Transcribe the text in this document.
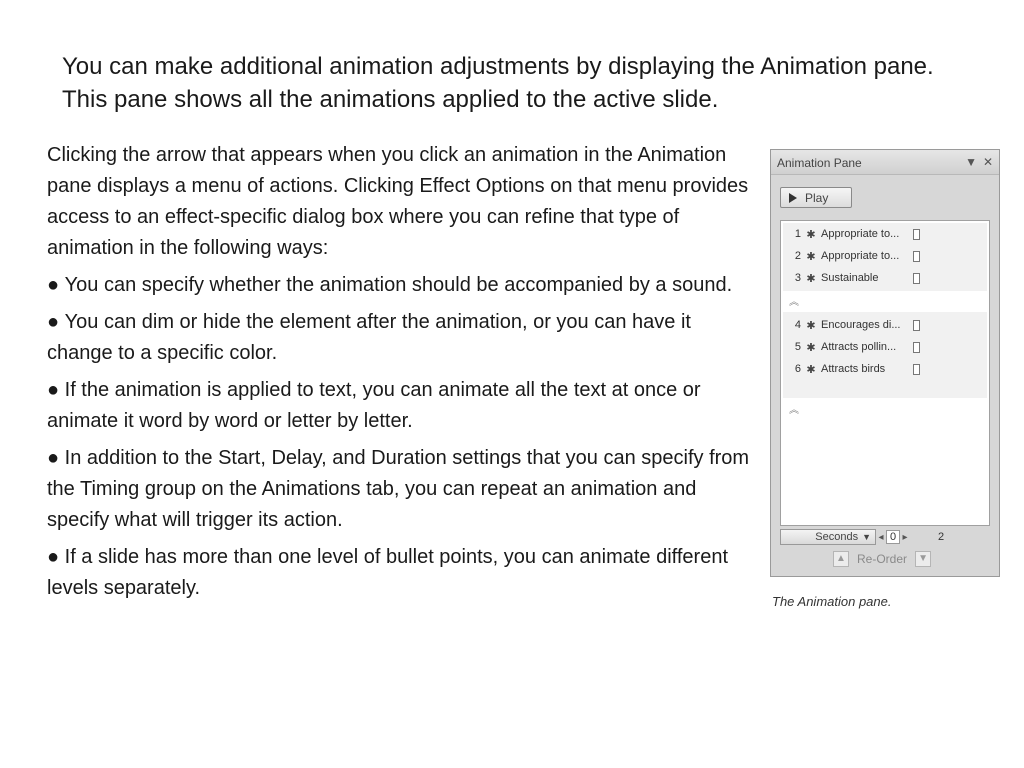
You can make additional animation adjustments by displaying the Animation pane. This pane shows all the animations applied to the active slide.

Clicking the arrow that appears when you click an animation in the Animation pane displays a menu of actions. Clicking Effect Options on that menu provides access to an effect-specific dialog box where you can refine that type of animation in the following ways:

● You can specify whether the animation should be accompanied by a sound.
● You can dim or hide the element after the animation, or you can have it change to a specific color.
● If the animation is applied to text, you can animate all the text at once or animate it word by word or letter by letter.
● In addition to the Start, Delay, and Duration settings that you can specify from the Timing group on the Animations tab, you can repeat an animation and specify what will trigger its action.
● If a slide has more than one level of bullet points, you can animate different levels separately.
Animation Pane	▼ ✕
Play
1 ✱ Appropriate to...
2 ✱ Appropriate to...
3 ✱ Sustainable
︽
4 ✱ Encourages di...
5 ✱ Attracts pollin...
6 ✱ Attracts birds
︽
Seconds ▼ ◂ 0 ▸	2
▲ Re-Order	▼
The Animation pane.
